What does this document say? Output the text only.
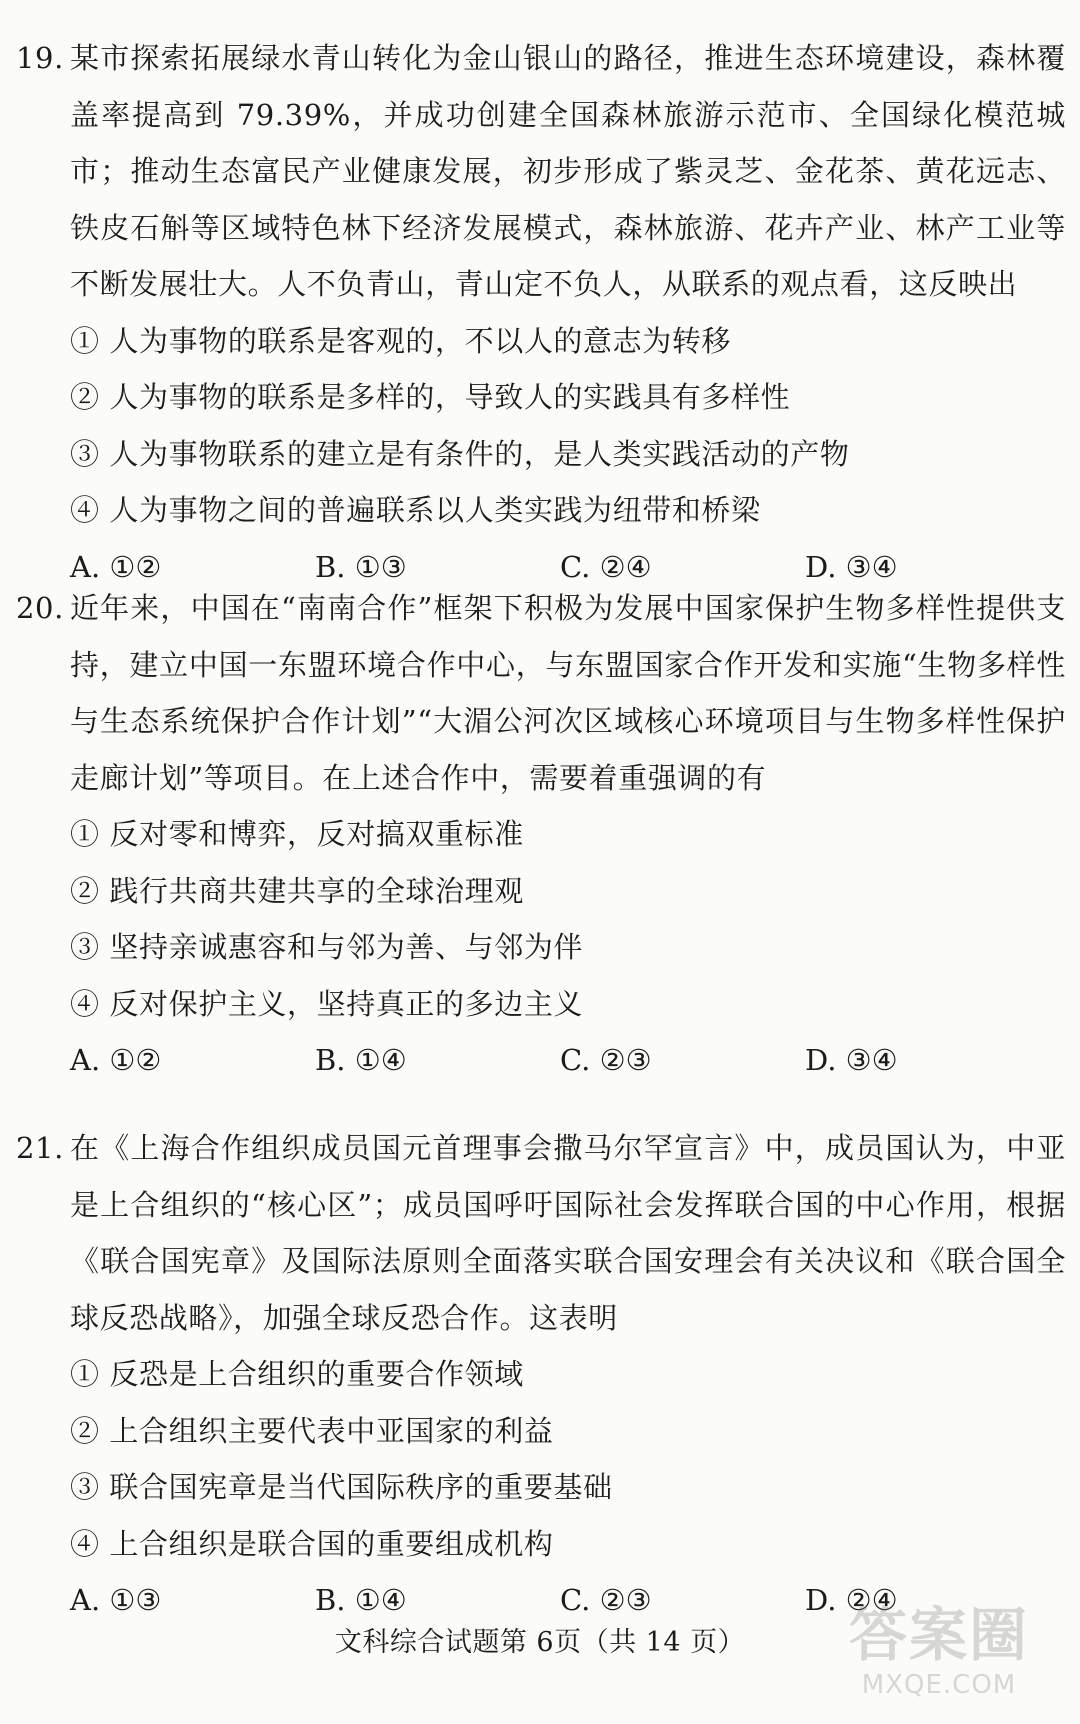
19. 某市探索拓展绿水青山转化为金山银山的路径，推进生态环境建设，森林覆盖率提高到 79.39%，并成功创建全国森林旅游示范市、全国绿化模范城市；推动生态富民产业健康发展，初步形成了紫灵芝、金花茶、黄花远志、铁皮石斛等区域特色林下经济发展模式，森林旅游、花卉产业、林产工业等不断发展壮大。人不负青山，青山定不负人，从联系的观点看，这反映出
① 人为事物的联系是客观的，不以人的意志为转移
② 人为事物的联系是多样的，导致人的实践具有多样性
③ 人为事物联系的建立是有条件的，是人类实践活动的产物
④ 人为事物之间的普遍联系以人类实践为纽带和桥梁
A. ①②	B. ①③	C. ②④	D. ③④
20. 近年来，中国在“南南合作”框架下积极为发展中国家保护生物多样性提供支持，建立中国一东盟环境合作中心，与东盟国家合作开发和实施“生物多样性与生态系统保护合作计划”“大湄公河次区域核心环境项目与生物多样性保护走廊计划”等项目。在上述合作中，需要着重强调的有
① 反对零和博弈，反对搞双重标准
② 践行共商共建共享的全球治理观
③ 坚持亲诚惠容和与邻为善、与邻为伴
④ 反对保护主义，坚持真正的多边主义
A. ①②	B. ①④	C. ②③	D. ③④
21. 在《上海合作组织成员国元首理事会撒马尔罕宣言》中，成员国认为，中亚是上合组织的“核心区”；成员国呼吁国际社会发挥联合国的中心作用，根据《联合国宪章》及国际法原则全面落实联合国安理会有关决议和《联合国全球反恐战略》，加强全球反恐合作。这表明
① 反恐是上合组织的重要合作领域
② 上合组织主要代表中亚国家的利益
③ 联合国宪章是当代国际秩序的重要基础
④ 上合组织是联合国的重要组成机构
A. ①③	B. ①④	C. ②③	D. ②④
文科综合试题第 6页（共 14 页）	答案圈
MXQE.COM
